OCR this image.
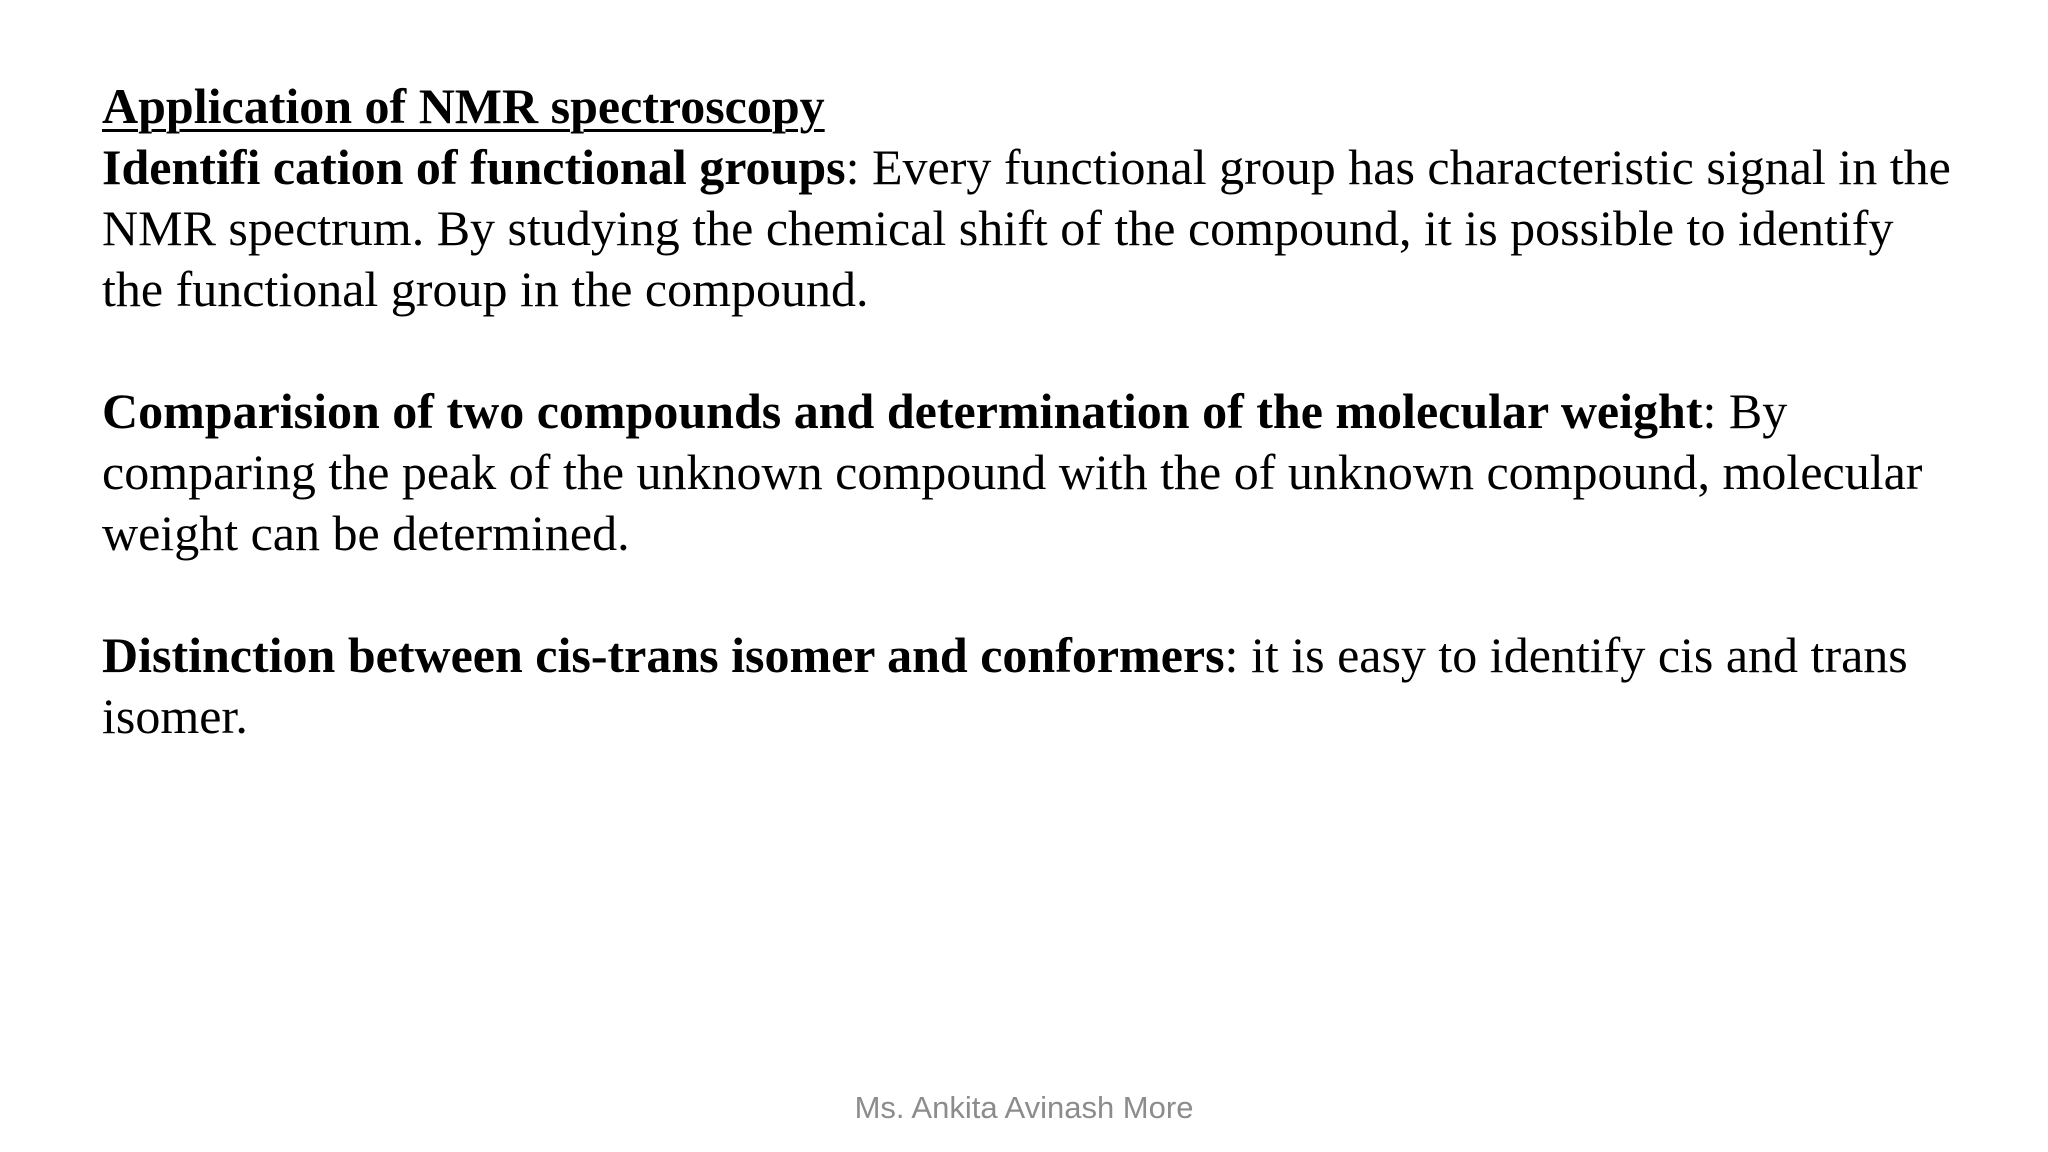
Application of NMR spectroscopy

Identifi cation of functional groups: Every functional group has characteristic signal in the NMR spectrum. By studying the chemical shift of the compound, it is possible to identify the functional group in the compound.

Comparision of two compounds and determination of the molecular weight: By comparing the peak of the unknown compound with the of unknown compound, molecular weight can be determined.

Distinction between cis-trans isomer and conformers: it is easy to identify cis and trans isomer.

Ms. Ankita Avinash More
